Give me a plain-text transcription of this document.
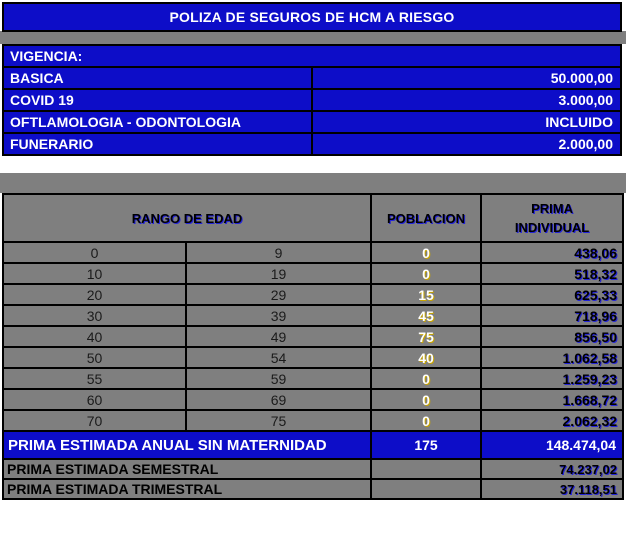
POLIZA DE SEGUROS DE HCM A RIESGO
VIGENCIA:	
BASICA	50.000,00
COVID 19	3.000,00
OFTLAMOLOGIA - ODONTOLOGIA	INCLUIDO
FUNERARIO	2.000,00
RANGO DE EDAD		POBLACION	PRIMA
INDIVIDUAL

0	9	0	438,06
10	19	0	518,32
20	29	15	625,33
30	39	45	718,96
40	49	75	856,50
50	54	40	1.062,58
55	59	0	1.259,23
60	69	0	1.668,72
70	75	0	2.062,32
PRIMA ESTIMADA ANUAL SIN MATERNIDAD		175	148.474,04
PRIMA ESTIMADA SEMESTRAL			74.237,02
PRIMA ESTIMADA TRIMESTRAL			37.118,51
